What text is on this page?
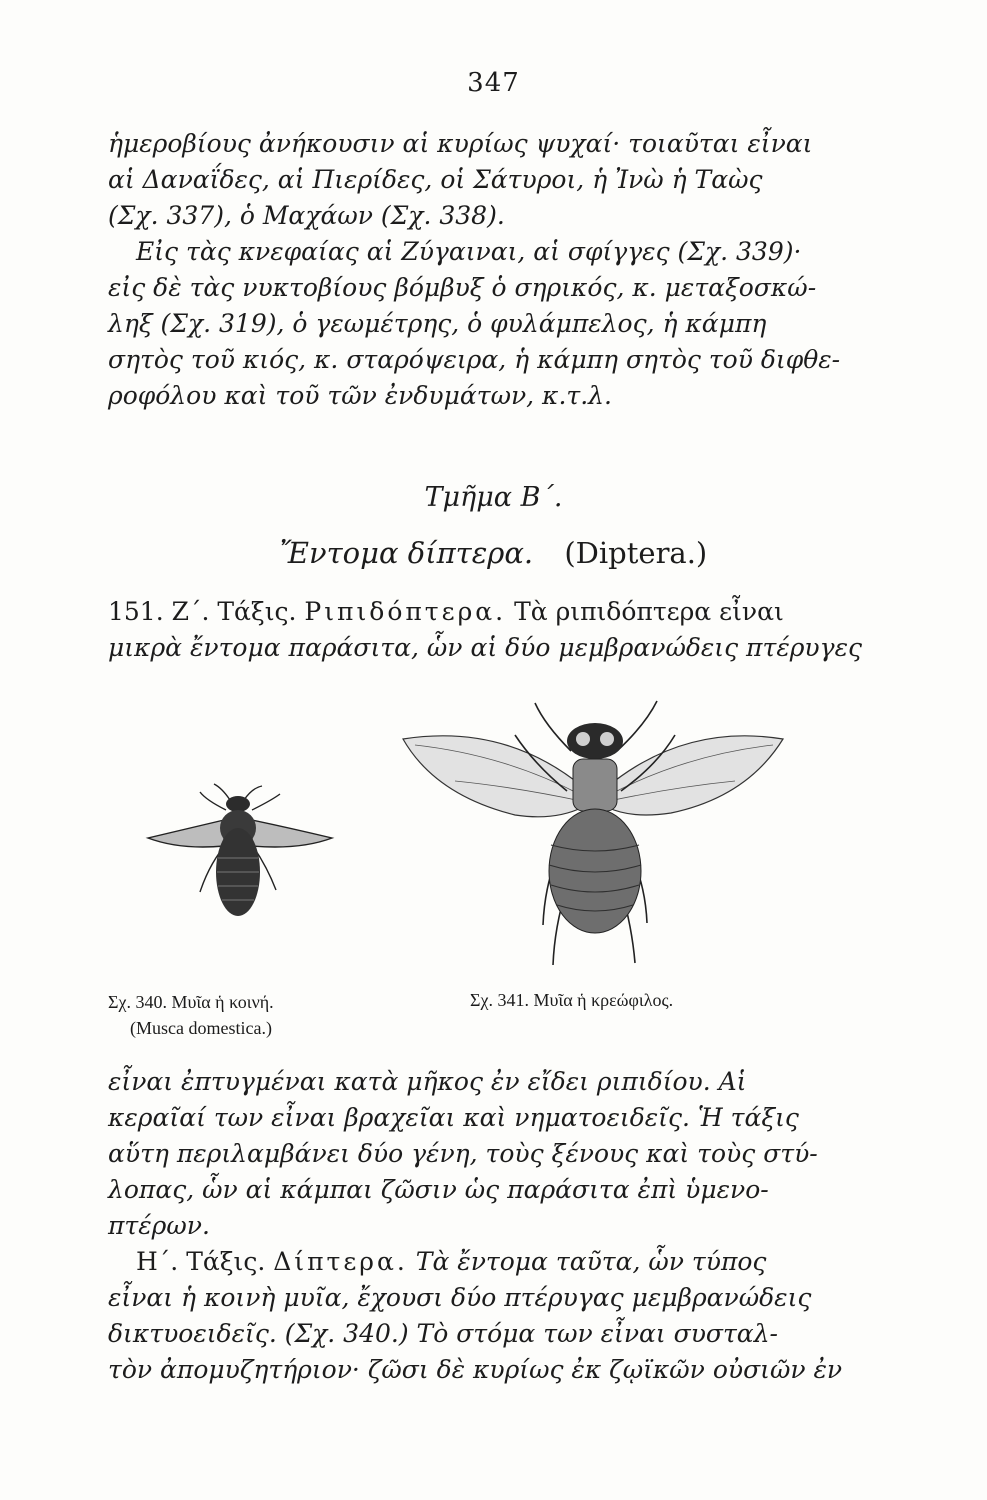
347
ἡμεροβίους ἀνήκουσιν αἱ κυρίως ψυχαί· τοιαῦται εἶναι
αἱ Δαναΐδες, αἱ Πιερίδες, οἱ Σάτυροι, ἡ Ἰνὼ ἡ Ταὼς
(Σχ. 337), ὁ Μαχάων (Σχ. 338).
Εἰς τὰς κνεφαίας αἱ Ζύγαιναι, αἱ σφίγγες (Σχ. 339)·
εἰς δὲ τὰς νυκτοβίους βόμβυξ ὁ σηρικός, κ. μεταξοσκώ-
ληξ (Σχ. 319), ὁ γεωμέτρης, ὁ φυλάμπελος, ἡ κάμπη
σητὸς τοῦ κιός, κ. σταρόψειρα, ἡ κάμπη σητὸς τοῦ διφθε-
ροφόλου καὶ τοῦ τῶν ἐνδυμάτων, κ.τ.λ.
Τμῆμα Β΄.
Ἔντομα δίπτερα. (Diptera.)
151. Ζ΄. Τάξις. Ριπιδόπτερα. Τὰ ριπιδόπτερα εἶναι
μικρὰ ἔντομα παράσιτα, ὧν αἱ δύο μεμβρανώδεις πτέρυγες
Σχ. 340. Μυῖα ἡ κοινή.
(Musca domestica.)
Σχ. 341. Μυῖα ἡ κρεώφιλος.
εἶναι ἐπτυγμέναι κατὰ μῆκος ἐν εἴδει ριπιδίου. Αἱ
κεραῖαί των εἶναι βραχεῖαι καὶ νηματοειδεῖς. Ἡ τάξις
αὕτη περιλαμβάνει δύο γένη, τοὺς ξένους καὶ τοὺς στύ-
λοπας, ὧν αἱ κάμπαι ζῶσιν ὡς παράσιτα ἐπὶ ὑμενο-
πτέρων.
Η΄. Τάξις. Δίπτερα. Τὰ ἔντομα ταῦτα, ὧν τύπος
εἶναι ἡ κοινὴ μυῖα, ἔχουσι δύο πτέρυγας μεμβρανώδεις
δικτυοειδεῖς. (Σχ. 340.) Τὸ στόμα των εἶναι συσταλ-
τὸν ἀπομυζητήριον· ζῶσι δὲ κυρίως ἐκ ζῳϊκῶν οὐσιῶν ἐν
